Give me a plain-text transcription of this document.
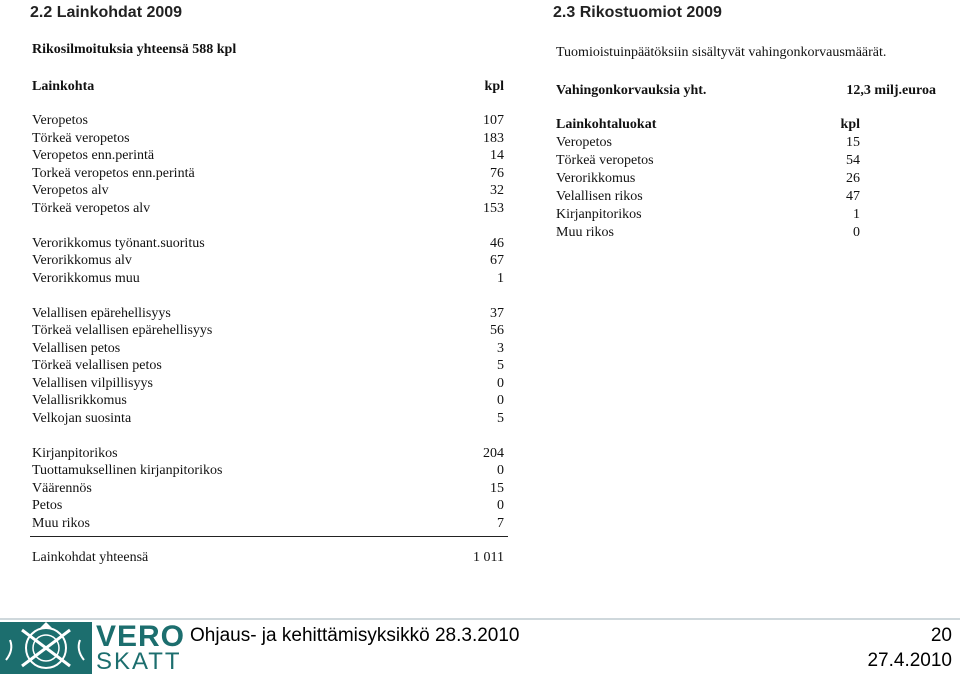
2.2 Lainkohdat 2009
Rikosilmoituksia yhteensä 588 kpl
Lainkohta	kpl
Veropetos	107
Törkeä veropetos	183
Veropetos enn.perintä	14
Torkeä veropetos enn.perintä	76
Veropetos alv	32
Törkeä veropetos alv	153
Verorikkomus työnant.suoritus	46
Verorikkomus alv	67
Verorikkomus muu	1
Velallisen epärehellisyys	37
Törkeä velallisen epärehellisyys	56
Velallisen petos	3
Törkeä velallisen petos	5
Velallisen vilpillisyys	0
Velallisrikkomus	0
Velkojan suosinta	5
Kirjanpitorikos	204
Tuottamuksellinen kirjanpitorikos	0
Väärennös	15
Petos	0
Muu rikos	7
Lainkohdat yhteensä	1 011
2.3 Rikostuomiot 2009
Tuomioistuinpäätöksiin sisältyvät vahingonkorvausmäärät.
Vahingonkorvauksia yht.	12,3 milj.euroa
Lainkohtaluokat	kpl
Veropetos	15
Törkeä veropetos	54
Verorikkomus	26
Velallisen rikos	47
Kirjanpitorikos	1
Muu rikos	0
VERO
SKATT
Ohjaus- ja kehittämisyksikkö 28.3.2010	20
27.4.2010
